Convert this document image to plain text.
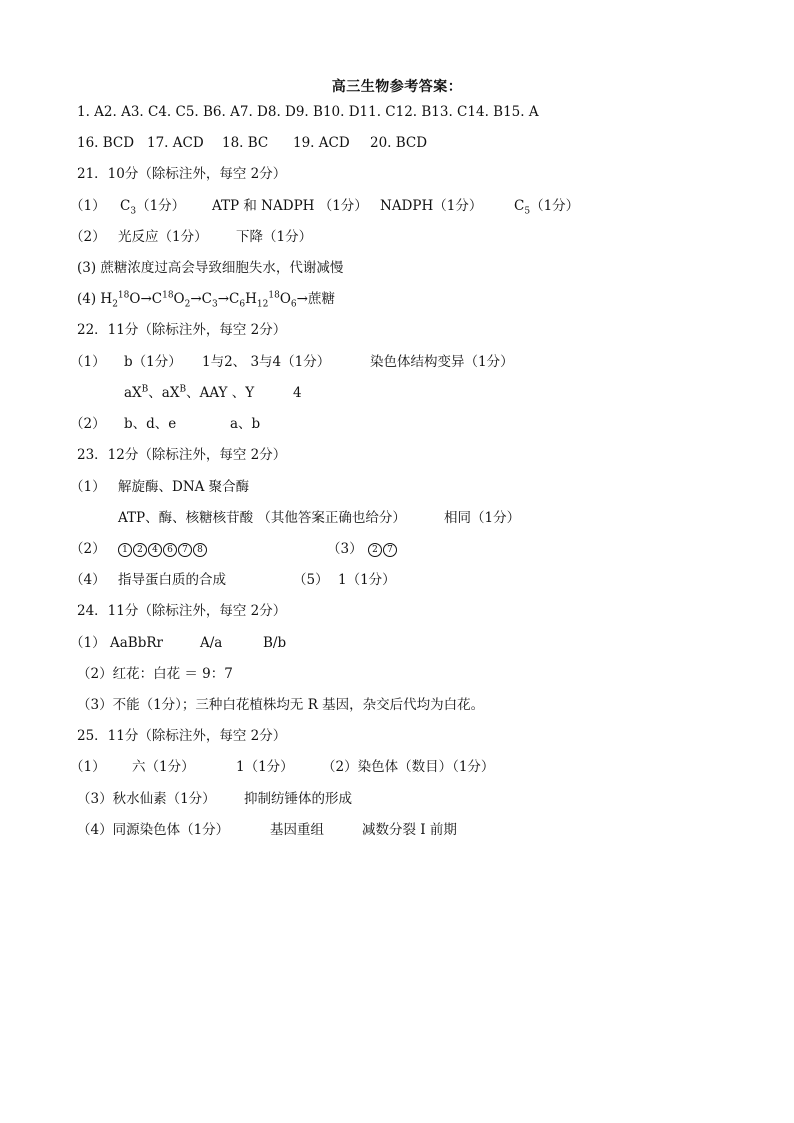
高三生物参考答案：
1. A2. A3. C4. C5. B6. A7. D8. D9. B10. D11. C12. B13. C14. B15. A
16. BCD 17. ACD 18. BC 19. ACD 20. BCD
21．10分（除标注外，每空 2分）
（1） $C_3(1$分） ATP 和 NADPH （1分） NADPH（1分） $C_5(1$分）
（2） 光反应（1分） 下降（1分）
(3) 蔗糖浓度过高会导致细胞失水，代谢减慢
(4) $H_2^{18}O\to C^{18}O_2\to C_3\to C_6H_{12}^{18}O_6\to$蔗糖
22．11分（除标注外，每空 2分）
（1） b（1分） 1与2、 3与4（1分）	染色体结构变异（1分）
$aX^B$、$aX^B$、AAY 、Y	4
（2） b、d、e	a、b
23．12分（除标注外，每空 2分）
（1） 解旋酶、DNA 聚合酶
ATP、酶、核糖核苷酸 （其他答案正确也给分）	相同（1分）
（2）	1 2 4 6 7 8	（3）	2 7
（4） 指导蛋白质的合成	（5） 1（1分）
24．11分（除标注外，每空 2分）
（1） AaBbRr	A/a	B/b
（2）红花：白花 ＝ 9：7
（3）不能（1分）；三种白花植株均无 R 基因，杂交后代均为白花。
25．11分（除标注外，每空 2分）
（1） 六（1分）	1（1分） （2）染色体（数目）（1分）
（3）秋水仙素（1分） 抑制纺锤体的形成
（4）同源染色体（1分）	基因重组	减数分裂 I 前期
